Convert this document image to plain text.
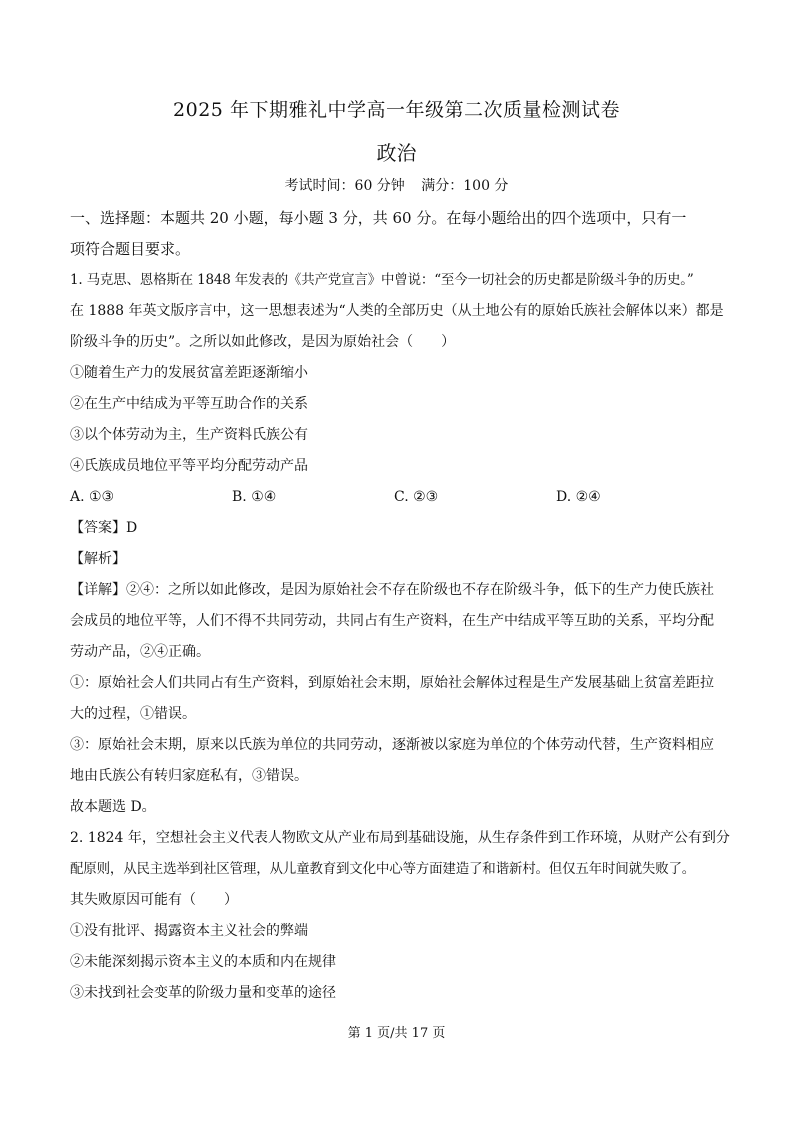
2025 年下期雅礼中学高一年级第二次质量检测试卷
政治
考试时间：60 分钟 满分：100 分

一、选择题：本题共 20 小题，每小题 3 分，共 60 分。在每小题给出的四个选项中，只有一

项符合题目要求。

1. 马克思、恩格斯在 1848 年发表的《共产党宣言》中曾说：“至今一切社会的历史都是阶级斗争的历史。”

在 1888 年英文版序言中，这一思想表述为“人类的全部历史（从土地公有的原始氏族社会解体以来）都是

阶级斗争的历史”。之所以如此修改，是因为原始社会（　　）

①随着生产力的发展贫富差距逐渐缩小

②在生产中结成为平等互助合作的关系

③以个体劳动为主，生产资料氏族公有

④氏族成员地位平等平均分配劳动产品

A. ①③	B. ①④	C. ②③	D. ②④

【答案】D

【解析】

【详解】②④：之所以如此修改，是因为原始社会不存在阶级也不存在阶级斗争，低下的生产力使氏族社

会成员的地位平等，人们不得不共同劳动，共同占有生产资料，在生产中结成平等互助的关系，平均分配

劳动产品，②④正确。

①：原始社会人们共同占有生产资料，到原始社会末期，原始社会解体过程是生产发展基础上贫富差距拉

大的过程，①错误。

③：原始社会末期，原来以氏族为单位的共同劳动，逐渐被以家庭为单位的个体劳动代替，生产资料相应

地由氏族公有转归家庭私有，③错误。

故本题选 D。

2. 1824 年，空想社会主义代表人物欧文从产业布局到基础设施，从生存条件到工作环境，从财产公有到分

配原则，从民主选举到社区管理，从儿童教育到文化中心等方面建造了和谐新村。但仅五年时间就失败了。

其失败原因可能有（　　）

①没有批评、揭露资本主义社会的弊端

②未能深刻揭示资本主义的本质和内在规律

③未找到社会变革的阶级力量和变革的途径

第 1 页/共 17 页
